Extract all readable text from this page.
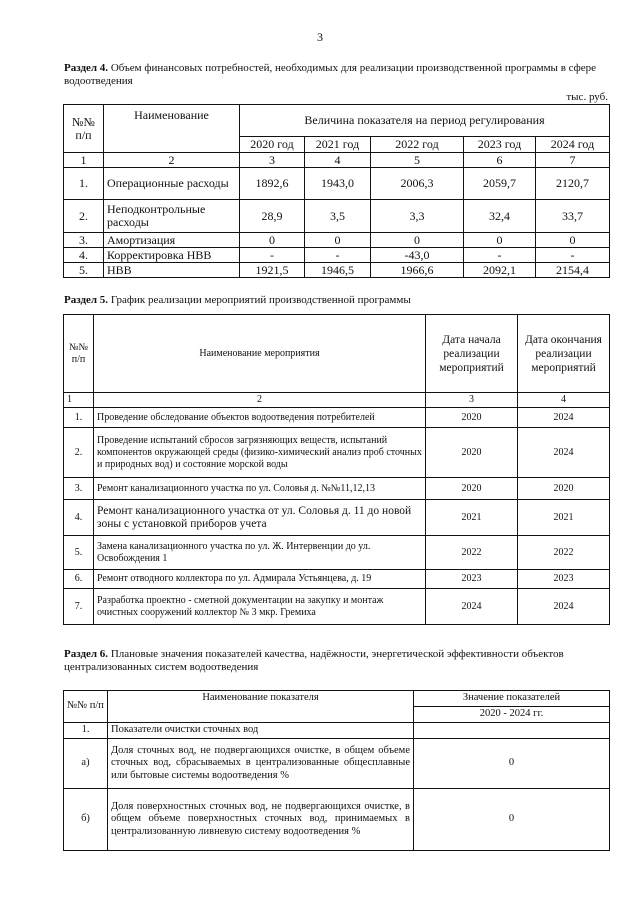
3
Раздел 4. Объем финансовых потребностей, необходимых для реализации производственной программы в сфере водоотведения
тыс. руб.
№№ п/п	Наименование	Величина показателя на период регулирования				
		2020 год	2021 год	2022 год	2023 год	2024 год
1	2	3	4	5	6	7
1.	Операционные расходы	1892,6	1943,0	2006,3	2059,7	2120,7
2.	Неподконтрольные расходы	28,9	3,5	3,3	32,4	33,7
3.	Амортизация	0	0	0	0	0
4.	Корректировка НВВ	-	-	-43,0	-	-
5.	НВВ	1921,5	1946,5	1966,6	2092,1	2154,4
Раздел 5. График реализации мероприятий производственной программы
№№ п/п	Наименование мероприятия	Дата начала реализации мероприятий	Дата окончания реализации мероприятий
1	2	3	4
1.	Проведение обследование объектов водоотведения потребителей	2020	2024
2.	Проведение испытаний сбросов загрязняющих веществ, испытаний компонентов окружающей среды (физико-химический анализ проб сточных и природных вод) и состояние морской воды	2020	2024
3.	Ремонт канализационного участка по ул. Соловья д. №№11,12,13	2020	2020
4.	Ремонт канализационного участка от ул. Соловья д. 11 до новой зоны с установкой приборов учета	2021	2021
5.	Замена канализационного участка по ул. Ж. Интервенции до ул. Освобождения 1	2022	2022
6.	Ремонт отводного коллектора по ул. Адмирала Устьянцева, д. 19	2023	2023
7.	Разработка проектно - сметной документации на закупку и монтаж очистных сооружений коллектор № 3 мкр. Гремиха	2024	2024
Раздел 6. Плановые значения показателей качества, надёжности, энергетической эффективности объектов централизованных систем водоотведения
№№ п/п	Наименование показателя	Значение показателей
		2020 - 2024 гг.
1.	Показатели очистки сточных вод	
а)	Доля сточных вод, не подвергающихся очистке, в общем объеме сточных вод, сбрасываемых в централизованные общесплавные или бытовые системы водоотведения %	0
б)	Доля поверхностных сточных вод, не подвергающихся очистке, в общем объеме поверхностных сточных вод, принимаемых в централизованную ливневую систему водоотведения %	0
